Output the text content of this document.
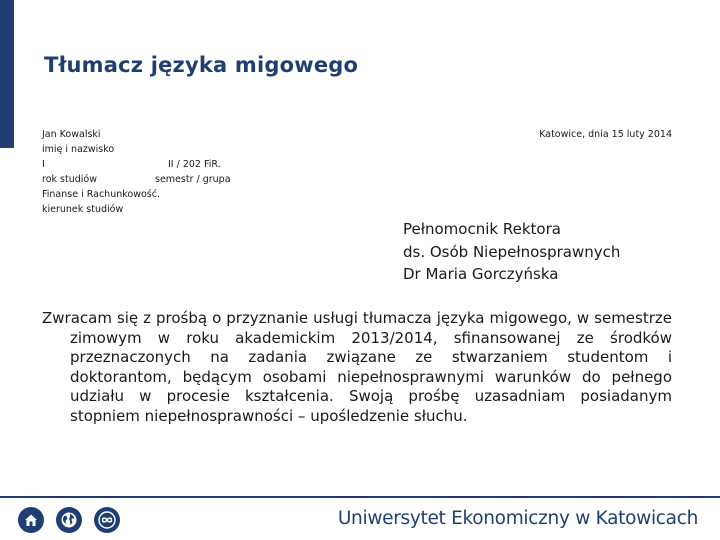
Tłumacz języka migowego
Jan Kowalski
imię i nazwisko
I	II / 202 FiR.
rok studiów	semestr / grupa
Finanse i Rachunkowość.
kierunek studiów
Katowice, dnia 15 luty 2014
Pełnomocnik Rektora
ds. Osób Niepełnosprawnych
Dr Maria Gorczyńska

Zwracam się z prośbą o przyznanie usługi tłumacza języka migowego, w semestrze zimowym w roku akademickim 2013/2014, sfinansowanej ze środków przeznaczonych na zadania związane ze stwarzaniem studentom i doktorantom, będącym osobami niepełnosprawnymi warunków do pełnego udziału w procesie kształcenia. Swoją prośbę uzasadniam posiadanym stopniem niepełnosprawności – upośledzenie słuchu.

Uniwersytet Ekonomiczny w Katowicach
